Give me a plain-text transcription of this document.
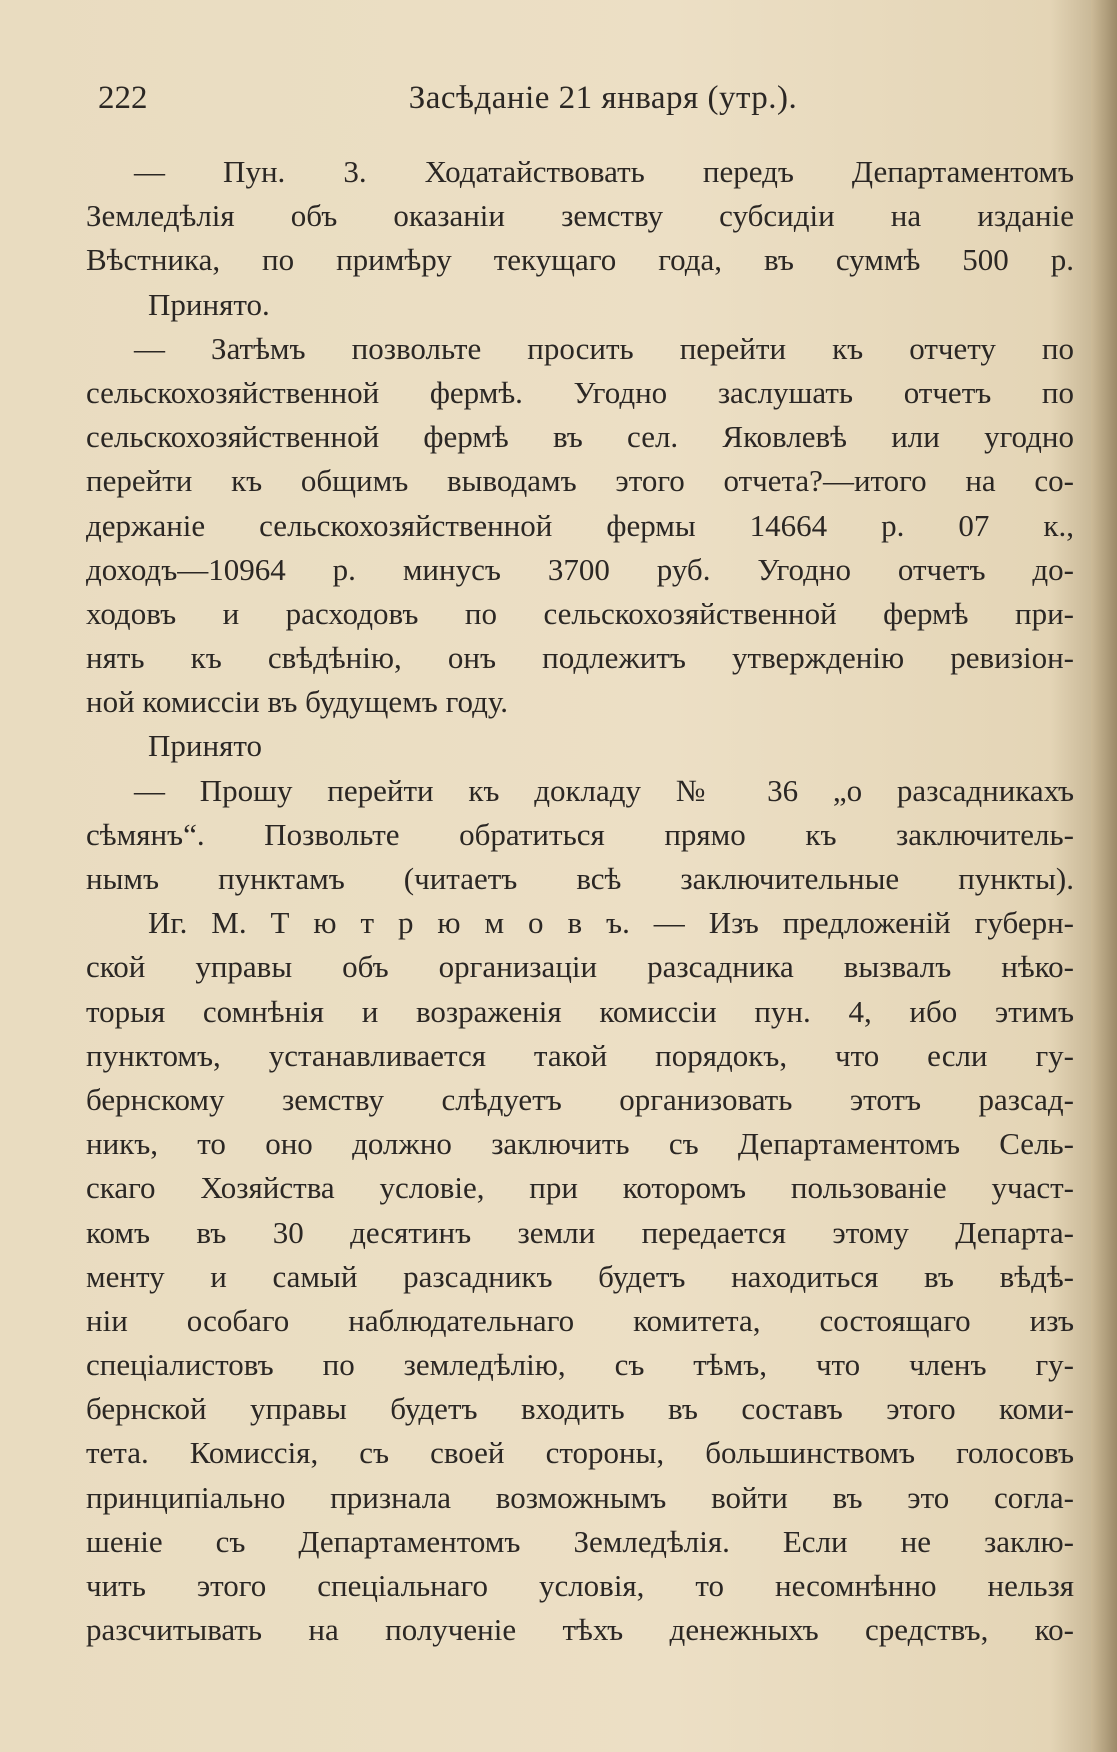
222	Засѣданіе 21 января (утр.).
— Пун. 3. Ходатайствовать передъ Департаментомъ
Земледѣлія объ оказаніи земству субсидіи на изданіе
Вѣстника, по примѣру текущаго года, въ суммѣ 500 р.
Принято.
— Затѣмъ позвольте просить перейти къ отчету по
сельскохозяйственной фермѣ. Угодно заслушать отчетъ по
сельскохозяйственной фермѣ въ сел. Яковлевѣ или угодно
перейти къ общимъ выводамъ этого отчета?—итого на со-
держаніе сельскохозяйственной фермы 14664 р. 07 к.,
доходъ—10964 р. минусъ 3700 руб. Угодно отчетъ до-
ходовъ и расходовъ по сельскохозяйственной фермѣ при-
нять къ свѣдѣнію, онъ подлежитъ утвержденію ревизіон-
ной комиссіи въ будущемъ году.
Принято
— Прошу перейти къ докладу № 36 „о разсадникахъ
сѣмянъ“. Позвольте обратиться прямо къ заключитель-
нымъ пунктамъ (читаетъ всѣ заключительные пункты).
Иг. М. Т ю т р ю м о в ъ. — Изъ предложеній губерн-
ской управы объ организаціи разсадника вызвалъ нѣко-
торыя сомнѣнія и возраженія комиссіи пун. 4, ибо этимъ
пунктомъ, устанавливается такой порядокъ, что если гу-
бернскому земству слѣдуетъ организовать этотъ разсад-
никъ, то оно должно заключить съ Департаментомъ Сель-
скаго Хозяйства условіе, при которомъ пользованіе участ-
комъ въ 30 десятинъ земли передается этому Департа-
менту и самый разсадникъ будетъ находиться въ вѣдѣ-
ніи особаго наблюдательнаго комитета, состоящаго изъ
спеціалистовъ по земледѣлію, съ тѣмъ, что членъ гу-
бернской управы будетъ входить въ составъ этого коми-
тета. Комиссія, съ своей стороны, большинствомъ голосовъ
принципіально признала возможнымъ войти въ это согла-
шеніе съ Департаментомъ Земледѣлія. Если не заклю-
чить этого спеціальнаго условія, то несомнѣнно нельзя
разсчитывать на полученіе тѣхъ денежныхъ средствъ, ко-
